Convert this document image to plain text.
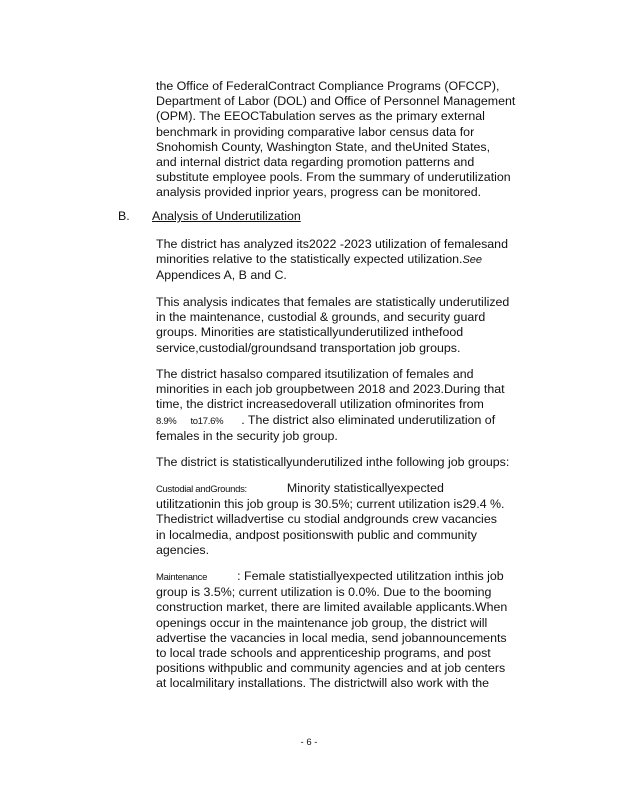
the Office of FederalContract Compliance Programs (OFCCP),

Department of Labor (DOL) and Office of Personnel Management

(OPM). The EEOCTabulation serves as the primary external

benchmark in providing comparative labor census data for

Snohomish County, Washington State, and theUnited States,

and internal district data regarding promotion patterns and

substitute employee pools. From the summary of underutilization

analysis provided inprior years, progress can be monitored.

B. Analysis of Underutilization

The district has analyzed its2022 -2023 utilization of femalesand

minorities relative to the statistically expected utilization.See

Appendices A, B and C.

This analysis indicates that females are statistically underutilized

in the maintenance, custodial & grounds, and security guard

groups. Minorities are statisticallyunderutilized inthefood

service,custodial/groundsand transportation job groups.

The district hasalso compared itsutilization of females and

minorities in each job groupbetween 2018 and 2023.During that

time, the district increasedoverall utilization ofminorites from

8.9% to17.6% . The district also eliminated underutilization of

females in the security job group.

The district is statisticallyunderutilized inthe following job groups:

Custodial andGrounds:	Minority statisticallyexpected

utilitzationin this job group is 30.5%; current utilization is29.4 %.

Thedistrict willadvertise cu stodial andgrounds crew vacancies

in localmedia, andpost positionswith public and community

agencies.

Maintenance : Female statistiallyexpected utilitzation inthis job

group is 3.5%; current utilization is 0.0%. Due to the booming

construction market, there are limited available applicants.When

openings occur in the maintenance job group, the district will

advertise the vacancies in local media, send jobannouncements

to local trade schools and apprenticeship programs, and post

positions withpublic and community agencies and at job centers

at localmilitary installations. The districtwill also work with the

- 6 -
